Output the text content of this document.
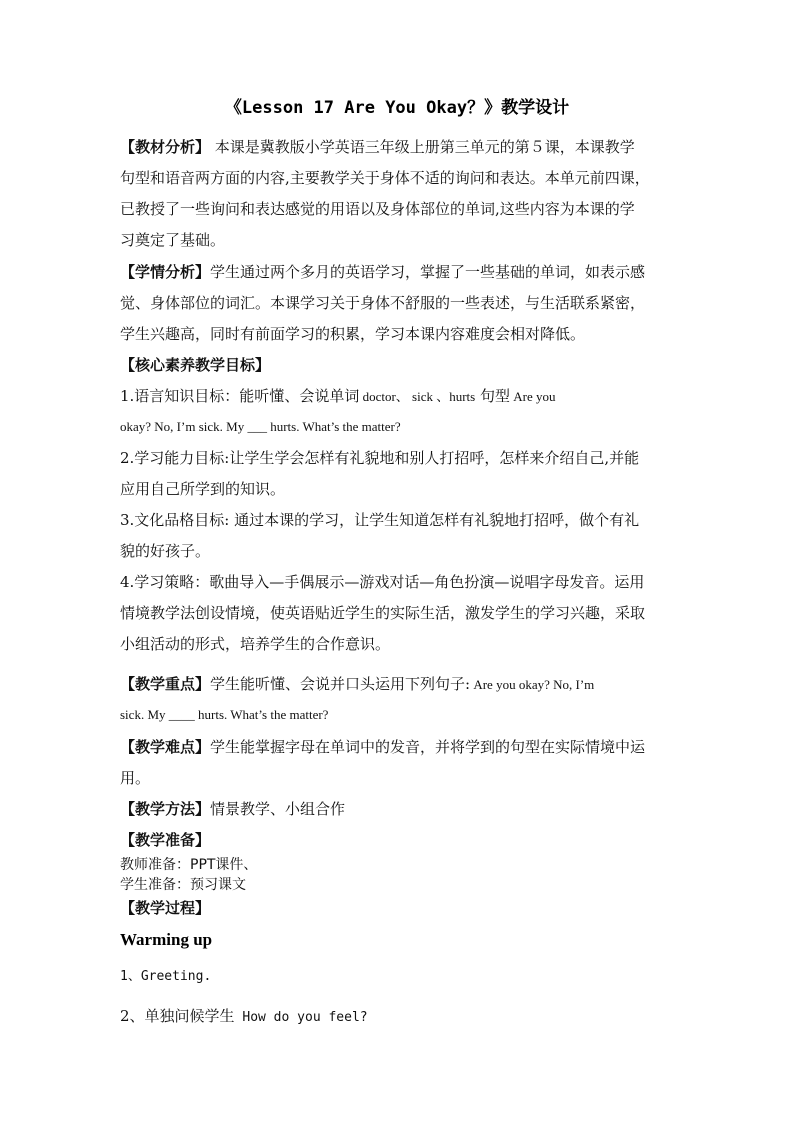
《Lesson 17 Are You Okay？》教学设计
【教材分析】 本课是冀教版小学英语三年级上册第三单元的第５课，本课教学
句型和语音两方面的内容,主要教学关于身体不适的询问和表达。本单元前四课，
已教授了一些询问和表达感觉的用语以及身体部位的单词,这些内容为本课的学
习奠定了基础。
【学情分析】学生通过两个多月的英语学习，掌握了一些基础的单词，如表示感
觉、身体部位的词汇。本课学习关于身体不舒服的一些表述，与生活联系紧密，
学生兴趣高，同时有前面学习的积累，学习本课内容难度会相对降低。
【核心素养教学目标】
1.语言知识目标：能听懂、会说单词 doctor、 sick 、hurts 句型 Are you
okay? No, I’m sick. My ___ hurts. What’s the matter?
2.学习能力目标:让学生学会怎样有礼貌地和别人打招呼，怎样来介绍自己,并能
应用自己所学到的知识。
3.文化品格目标: 通过本课的学习，让学生知道怎样有礼貌地打招呼，做个有礼
貌的好孩子。
4.学习策略：歌曲导入—手偶展示—游戏对话—角色扮演—说唱字母发音。运用
情境教学法创设情境，使英语贴近学生的实际生活，激发学生的学习兴趣，采取
小组活动的形式，培养学生的合作意识。
【教学重点】学生能听懂、会说并口头运用下列句子: Are you okay? No, I’m
sick. My ____ hurts. What’s the matter?
【教学难点】学生能掌握字母在单词中的发音，并将学到的句型在实际情境中运
用。
【教学方法】情景教学、小组合作
【教学准备】
教师准备：PPT课件、
学生准备：预习课文
【教学过程】
Warming up
1、Greeting.
2、单独问候学生 How do you feel?
